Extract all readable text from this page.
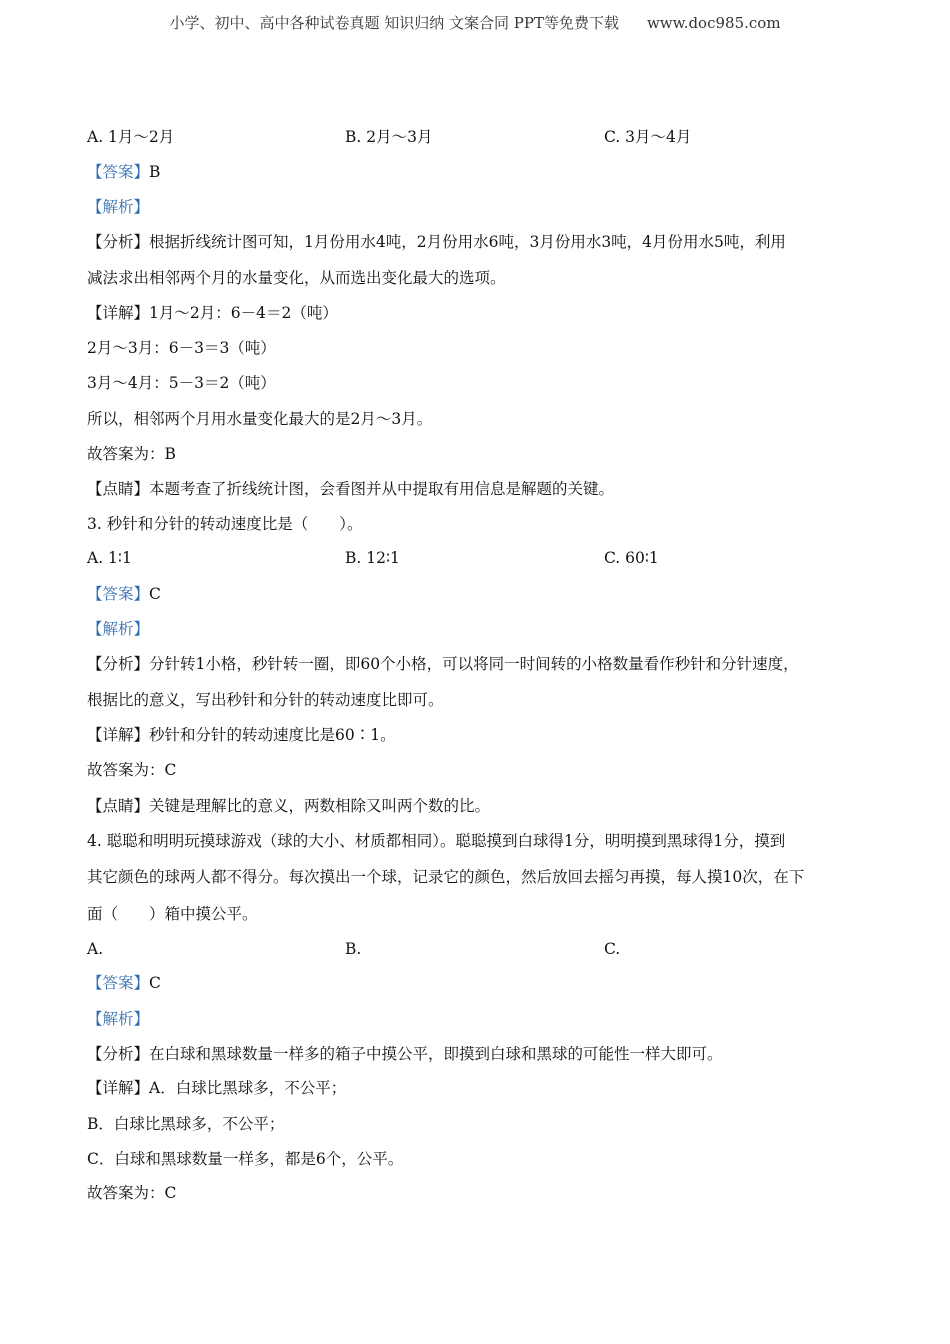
小学、初中、高中各种试卷真题 知识归纳 文案合同 PPT等免费下载 www.doc985.com
A. 1月～2月	B. 2月～3月	C. 3月～4月
【答案】B
【解析】
【分析】根据折线统计图可知，1月份用水4吨，2月份用水6吨，3月份用水3吨，4月份用水5吨，利用
减法求出相邻两个月的水量变化，从而选出变化最大的选项。
【详解】1月～2月：6－4＝2（吨）
2月～3月：6－3＝3（吨）
3月～4月：5－3＝2（吨）
所以，相邻两个月用水量变化最大的是2月～3月。
故答案为：B
【点睛】本题考查了折线统计图，会看图并从中提取有用信息是解题的关键。
3. 秒针和分针的转动速度比是（　　）。
A. 1∶1	B. 12∶1	C. 60∶1
【答案】C
【解析】
【分析】分针转1小格，秒针转一圈，即60个小格，可以将同一时间转的小格数量看作秒针和分针速度，
根据比的意义，写出秒针和分针的转动速度比即可。
【详解】秒针和分针的转动速度比是60∶1。
故答案为：C
【点睛】关键是理解比的意义，两数相除又叫两个数的比。
4. 聪聪和明明玩摸球游戏（球的大小、材质都相同）。聪聪摸到白球得1分，明明摸到黑球得1分，摸到
其它颜色的球两人都不得分。每次摸出一个球，记录它的颜色，然后放回去摇匀再摸，每人摸10次，在下
面（　　）箱中摸公平。
A.	B.	C.
【答案】C
【解析】
【分析】在白球和黑球数量一样多的箱子中摸公平，即摸到白球和黑球的可能性一样大即可。
【详解】A．白球比黑球多，不公平；
B．白球比黑球多，不公平；
C．白球和黑球数量一样多，都是6个，公平。
故答案为：C
